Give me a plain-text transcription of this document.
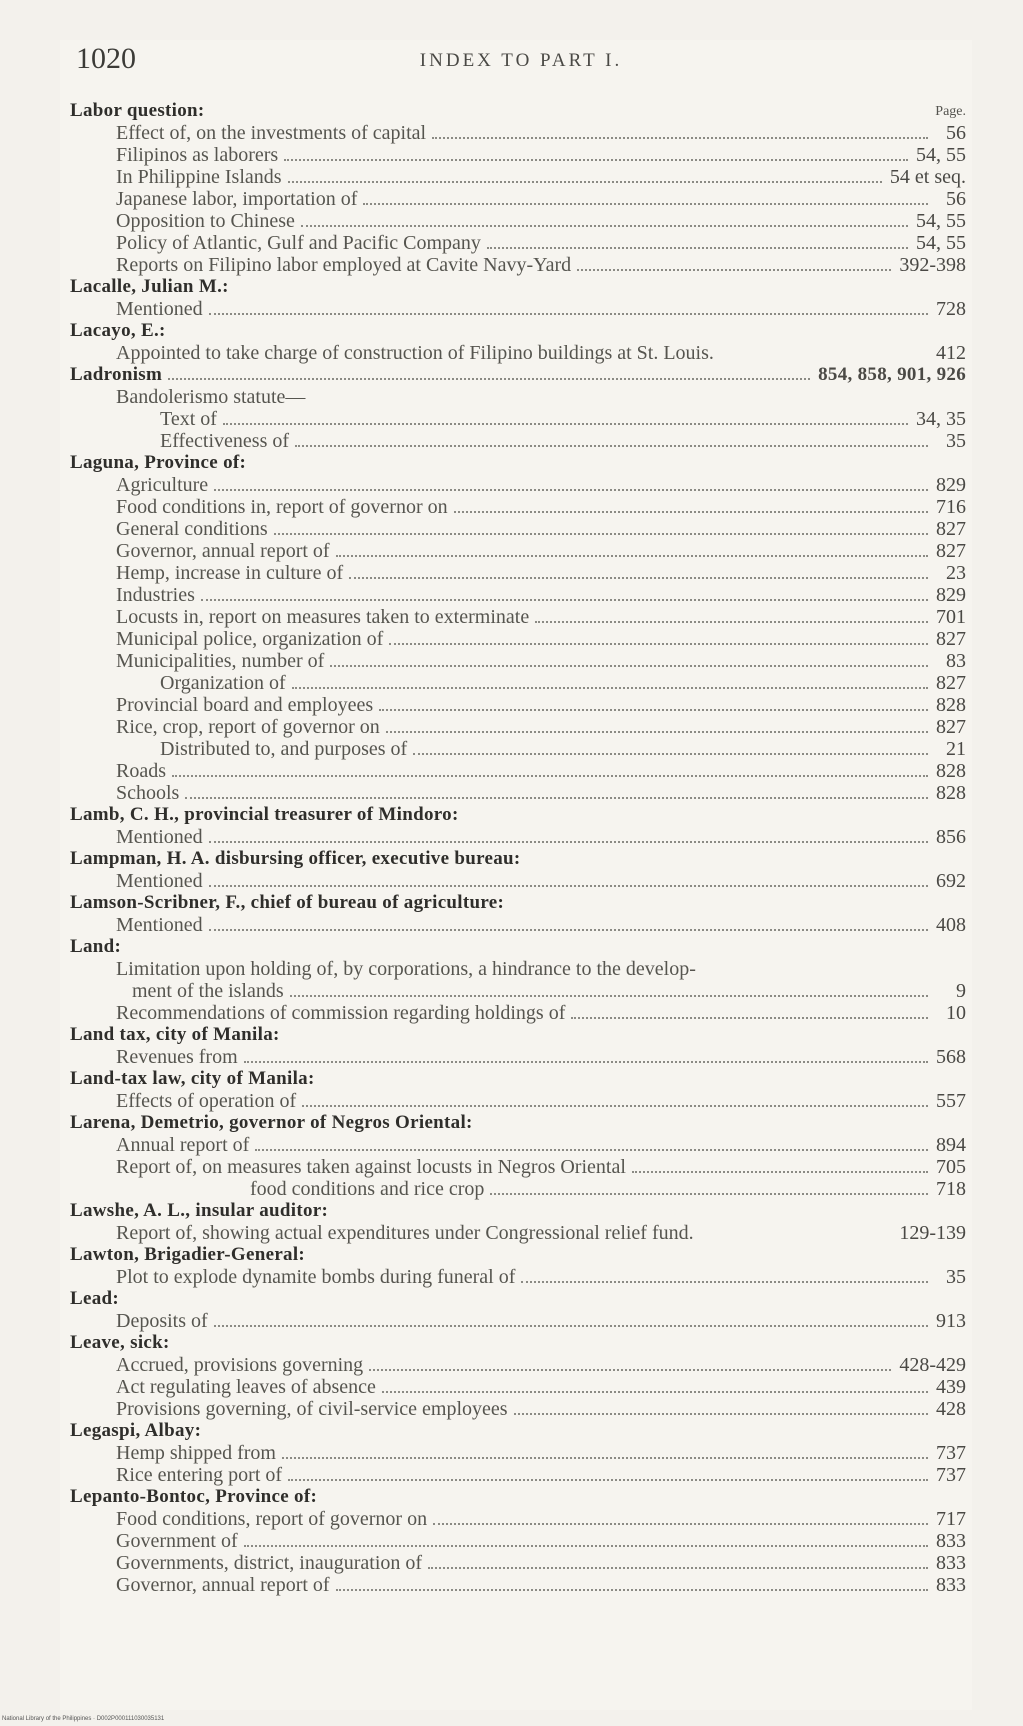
1020	INDEX TO PART I.
Page.
Labor question:
Effect of, on the investments of capital	56
Filipinos as laborers	54, 55
In Philippine Islands	54 et seq.
Japanese labor, importation of	56
Opposition to Chinese	54, 55
Policy of Atlantic, Gulf and Pacific Company	54, 55
Reports on Filipino labor employed at Cavite Navy-Yard	392-398
Lacalle, Julian M.:
Mentioned	728
Lacayo, E.:
Appointed to take charge of construction of Filipino buildings at St. Louis.	412
Ladronism	854, 858, 901, 926
Bandolerismo statute—
Text of	34, 35
Effectiveness of	35
Laguna, Province of:
Agriculture	829
Food conditions in, report of governor on	716
General conditions	827
Governor, annual report of	827
Hemp, increase in culture of	23
Industries	829
Locusts in, report on measures taken to exterminate	701
Municipal police, organization of	827
Municipalities, number of	83
Organization of	827
Provincial board and employees	828
Rice, crop, report of governor on	827
Distributed to, and purposes of	21
Roads	828
Schools	828
Lamb, C. H., provincial treasurer of Mindoro:
Mentioned	856
Lampman, H. A. disbursing officer, executive bureau:
Mentioned	692
Lamson-Scribner, F., chief of bureau of agriculture:
Mentioned	408
Land:
Limitation upon holding of, by corporations, a hindrance to the develop-
ment of the islands	9
Recommendations of commission regarding holdings of	10
Land tax, city of Manila:
Revenues from	568
Land-tax law, city of Manila:
Effects of operation of	557
Larena, Demetrio, governor of Negros Oriental:
Annual report of	894
Report of, on measures taken against locusts in Negros Oriental	705
food conditions and rice crop	718
Lawshe, A. L., insular auditor:
Report of, showing actual expenditures under Congressional relief fund.	129-139
Lawton, Brigadier-General:
Plot to explode dynamite bombs during funeral of	35
Lead:
Deposits of	913
Leave, sick:
Accrued, provisions governing	428-429
Act regulating leaves of absence	439
Provisions governing, of civil-service employees	428
Legaspi, Albay:
Hemp shipped from	737
Rice entering port of	737
Lepanto-Bontoc, Province of:
Food conditions, report of governor on	717
Government of	833
Governments, district, inauguration of	833
Governor, annual report of	833
National Library of the Philippines · D002P000111030035131
